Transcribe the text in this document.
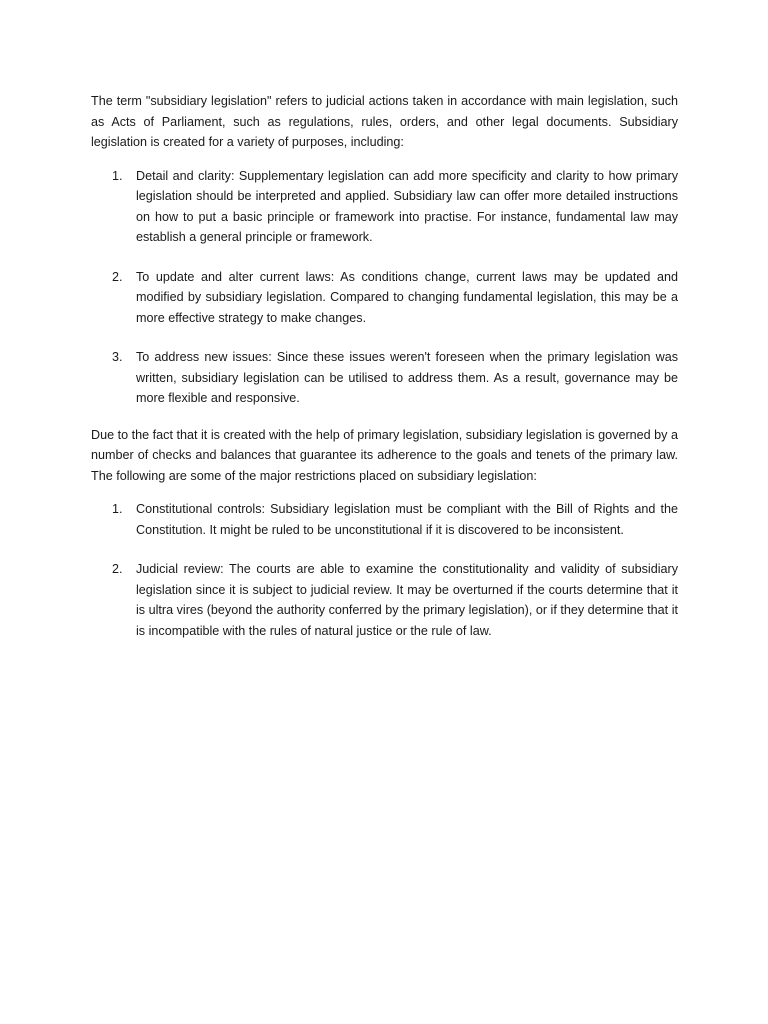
The term "subsidiary legislation" refers to judicial actions taken in accordance with main legislation, such as Acts of Parliament, such as regulations, rules, orders, and other legal documents. Subsidiary legislation is created for a variety of purposes, including:

1. Detail and clarity: Supplementary legislation can add more specificity and clarity to how primary legislation should be interpreted and applied. Subsidiary law can offer more detailed instructions on how to put a basic principle or framework into practise. For instance, fundamental law may establish a general principle or framework.
2. To update and alter current laws: As conditions change, current laws may be updated and modified by subsidiary legislation. Compared to changing fundamental legislation, this may be a more effective strategy to make changes.
3. To address new issues: Since these issues weren't foreseen when the primary legislation was written, subsidiary legislation can be utilised to address them. As a result, governance may be more flexible and responsive.

Due to the fact that it is created with the help of primary legislation, subsidiary legislation is governed by a number of checks and balances that guarantee its adherence to the goals and tenets of the primary law. The following are some of the major restrictions placed on subsidiary legislation:

1. Constitutional controls: Subsidiary legislation must be compliant with the Bill of Rights and the Constitution. It might be ruled to be unconstitutional if it is discovered to be inconsistent.
2. Judicial review: The courts are able to examine the constitutionality and validity of subsidiary legislation since it is subject to judicial review. It may be overturned if the courts determine that it is ultra vires (beyond the authority conferred by the primary legislation), or if they determine that it is incompatible with the rules of natural justice or the rule of law.
